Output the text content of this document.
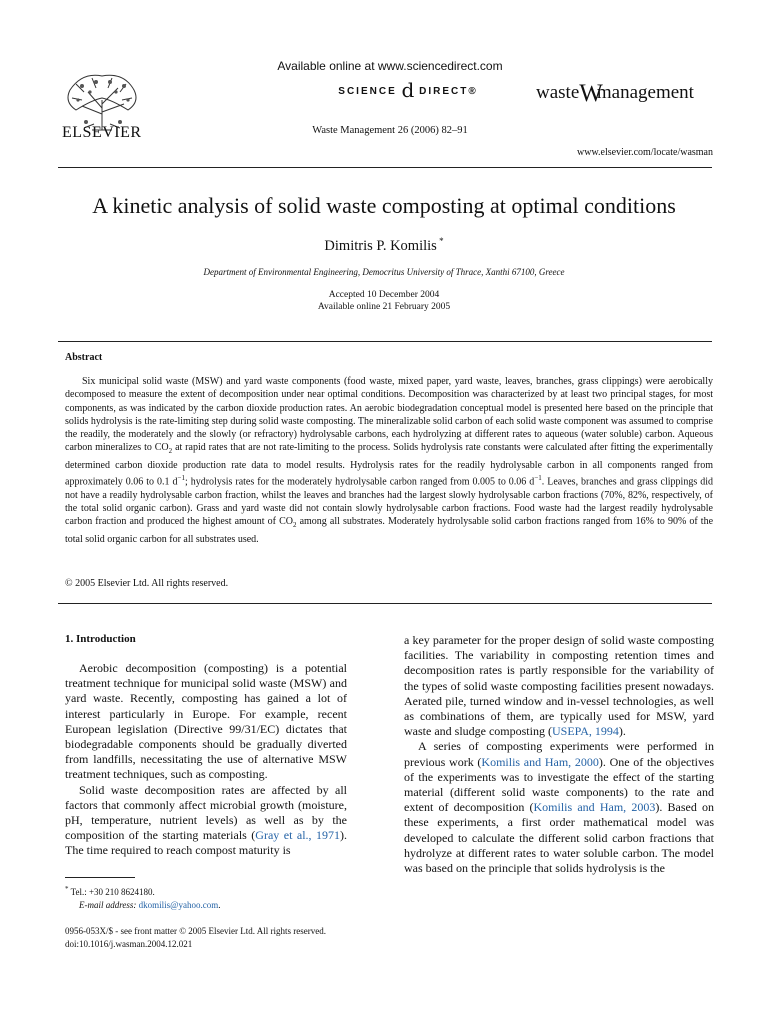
ELSEVIER
Available online at www.sciencedirect.com
SCIENCE d DIRECT®	wasteWmanagement
Waste Management 26 (2006) 82–91
www.elsevier.com/locate/wasman
A kinetic analysis of solid waste composting at optimal conditions
Dimitris P. Komilis *
Department of Environmental Engineering, Democritus University of Thrace, Xanthi 67100, Greece
Accepted 10 December 2004
Available online 21 February 2005
Abstract
Six municipal solid waste (MSW) and yard waste components (food waste, mixed paper, yard waste, leaves, branches, grass clippings) were aerobically decomposed to measure the extent of decomposition under near optimal conditions. Decomposition was characterized by at least two principal stages, for most components, as was indicated by the carbon dioxide production rates. An aerobic biodegradation conceptual model is presented here based on the principle that solids hydrolysis is the rate-limiting step during solid waste composting. The mineralizable solid carbon of each solid waste component was assumed to comprise the readily, the moderately and the slowly (or refractory) hydrolysable carbons, each hydrolyzing at different rates to aqueous (water soluble) carbon. Aqueous carbon mineralizes to $CO_2$ at rapid rates that are not rate-limiting to the process. Solids hydrolysis rate constants were calculated after fitting the experimentally determined carbon dioxide production rate data to model results. Hydrolysis rates for the readily hydrolysable carbon in all components ranged from approximately 0.06 to 0.1 $d^{-1}$; hydrolysis rates for the moderately hydrolysable carbon ranged from 0.005 to 0.06 $d^{-1}$. Leaves, branches and grass clippings did not have a readily hydrolysable carbon fraction, whilst the leaves and branches had the largest slowly hydrolysable carbon fractions (70%, 82%, respectively, of the total solid organic carbon). Grass and yard waste did not contain slowly hydrolysable carbon fractions. Food waste had the largest readily hydrolysable carbon fraction and produced the highest amount of $CO_2$ among all substrates. Moderately hydrolysable solid carbon fractions ranged from 16% to 90% of the total solid organic carbon for all substrates used.
© 2005 Elsevier Ltd. All rights reserved.
1. Introduction

Aerobic decomposition (composting) is a potential treatment technique for municipal solid waste (MSW) and yard waste. Recently, composting has gained a lot of interest particularly in Europe. For example, recent European legislation (Directive 99/31/EC) dictates that biodegradable components should be gradually diverted from landfills, necessitating the use of alternative MSW treatment techniques, such as composting.

Solid waste decomposition rates are affected by all factors that commonly affect microbial growth (moisture, pH, temperature, nutrient levels) as well as by the composition of the starting materials (Gray et al., 1971). The time required to reach compost maturity is

a key parameter for the proper design of solid waste composting facilities. The variability in composting retention times and decomposition rates is partly responsible for the variability of the types of solid waste composting facilities present nowadays. Aerated pile, turned window and in-vessel technologies, as well as combinations of them, are typically used for MSW, yard waste and sludge composting (USEPA, 1994).

A series of composting experiments were performed in previous work (Komilis and Ham, 2000). One of the objectives of the experiments was to investigate the effect of the starting material (different solid waste components) to the rate and extent of decomposition (Komilis and Ham, 2003). Based on these experiments, a first order mathematical model was developed to calculate the different solid carbon fractions that hydrolyze at different rates to water soluble carbon. The model was based on the principle that solids hydrolysis is the

* Tel.: +30 210 8624180.
E-mail address: dkomilis@yahoo.com.
0956-053X/$ - see front matter © 2005 Elsevier Ltd. All rights reserved.
doi:10.1016/j.wasman.2004.12.021
